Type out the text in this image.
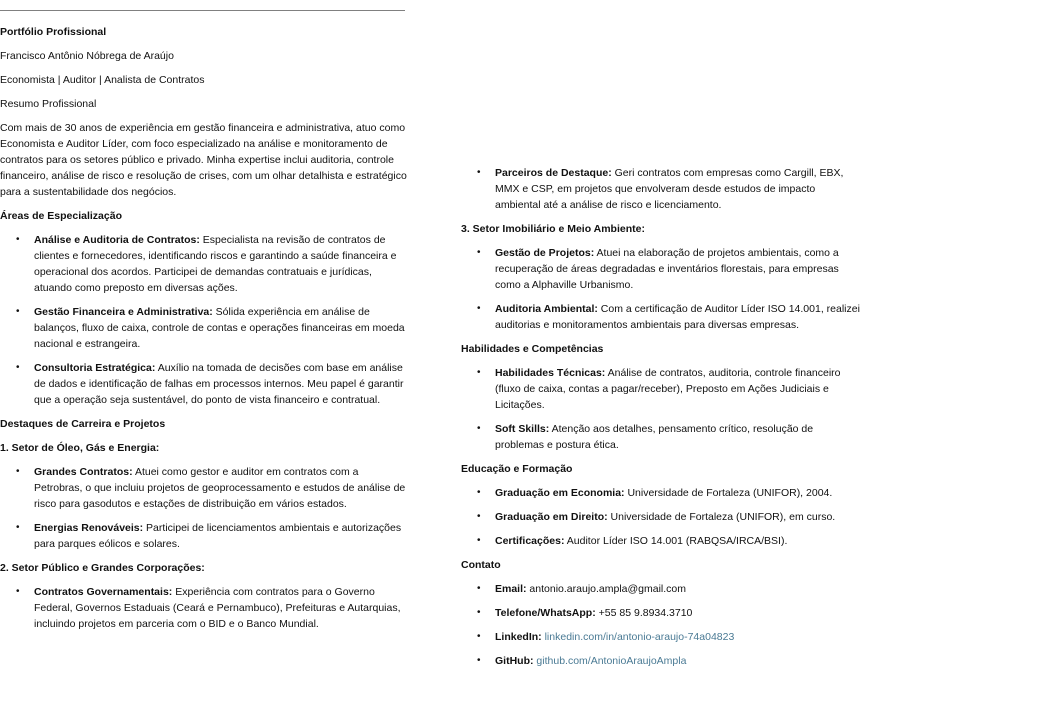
Portfólio Profissional

Francisco Antônio Nóbrega de Araújo

Economista | Auditor | Analista de Contratos

Resumo Profissional

Com mais de 30 anos de experiência em gestão financeira e administrativa, atuo como Economista e Auditor Líder, com foco especializado na análise e monitoramento de contratos para os setores público e privado. Minha expertise inclui auditoria, controle financeiro, análise de risco e resolução de crises, com um olhar detalhista e estratégico para a sustentabilidade dos negócios.

Áreas de Especialização
• Análise e Auditoria de Contratos: Especialista na revisão de contratos de clientes e fornecedores, identificando riscos e garantindo a saúde financeira e operacional dos acordos. Participei de demandas contratuais e jurídicas, atuando como preposto em diversas ações.
• Gestão Financeira e Administrativa: Sólida experiência em análise de balanços, fluxo de caixa, controle de contas e operações financeiras em moeda nacional e estrangeira.
• Consultoria Estratégica: Auxílio na tomada de decisões com base em análise de dados e identificação de falhas em processos internos. Meu papel é garantir que a operação seja sustentável, do ponto de vista financeiro e contratual.
Destaques de Carreira e Projetos
1. Setor de Óleo, Gás e Energia:
• Grandes Contratos: Atuei como gestor e auditor em contratos com a Petrobras, o que incluiu projetos de geoprocessamento e estudos de análise de risco para gasodutos e estações de distribuição em vários estados.
• Energias Renováveis: Participei de licenciamentos ambientais e autorizações para parques eólicos e solares.
2. Setor Público e Grandes Corporações:
• Contratos Governamentais: Experiência com contratos para o Governo Federal, Governos Estaduais (Ceará e Pernambuco), Prefeituras e Autarquias, incluindo projetos em parceria com o BID e o Banco Mundial.
• Parceiros de Destaque: Geri contratos com empresas como Cargill, EBX, MMX e CSP, em projetos que envolveram desde estudos de impacto ambiental até a análise de risco e licenciamento.
3. Setor Imobiliário e Meio Ambiente:
• Gestão de Projetos: Atuei na elaboração de projetos ambientais, como a recuperação de áreas degradadas e inventários florestais, para empresas como a Alphaville Urbanismo.
• Auditoria Ambiental: Com a certificação de Auditor Líder ISO 14.001, realizei auditorias e monitoramentos ambientais para diversas empresas.
Habilidades e Competências
• Habilidades Técnicas: Análise de contratos, auditoria, controle financeiro (fluxo de caixa, contas a pagar/receber), Preposto em Ações Judiciais e Licitações.
• Soft Skills: Atenção aos detalhes, pensamento crítico, resolução de problemas e postura ética.
Educação e Formação
• Graduação em Economia: Universidade de Fortaleza (UNIFOR), 2004.
• Graduação em Direito: Universidade de Fortaleza (UNIFOR), em curso.
• Certificações: Auditor Líder ISO 14.001 (RABQSA/IRCA/BSI).
Contato
• Email: antonio.araujo.ampla@gmail.com
• Telefone/WhatsApp: +55 85 9.8934.3710
• LinkedIn: linkedin.com/in/antonio-araujo-74a04823
• GitHub: github.com/AntonioAraujoAmpla
